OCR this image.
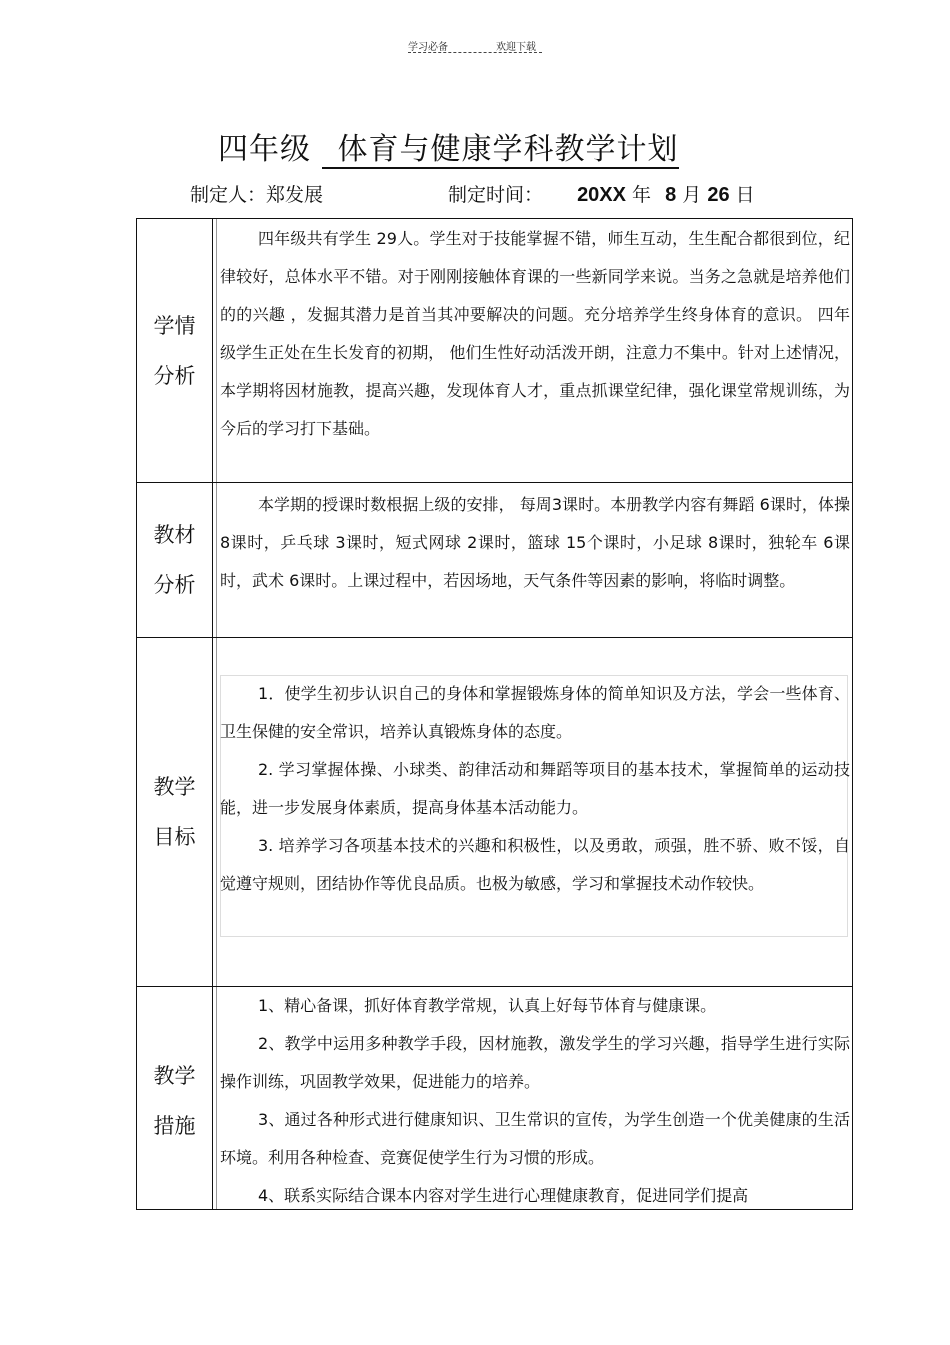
学习必备	欢迎下载
四年级 体育与健康学科教学计划
制定人：郑发展	制定时间： 20XX 年 8 月 26 日
学情
分析

四年级共有学生 29人。学生对于技能掌握不错，师生互动，生生配合都很到位，纪律较好，总体水平不错。对于刚刚接触体育课的一些新同学来说。当务之急就是培养他们的的兴趣 ，发掘其潜力是首当其冲要解决的问题。充分培养学生终身体育的意识。 四年级学生正处在生长发育的初期， 他们生性好动活泼开朗，注意力不集中。针对上述情况，本学期将因材施教，提高兴趣，发现体育人才，重点抓课堂纪律，强化课堂常规训练，为今后的学习打下基础。

教材
分析

本学期的授课时数根据上级的安排， 每周3课时。本册教学内容有舞蹈 6课时，体操 8课时，乒乓球 3课时，短式网球 2课时，篮球 15个课时，小足球 8课时，独轮车 6课时，武术 6课时。上课过程中，若因场地，天气条件等因素的影响，将临时调整。

教学
目标

1．使学生初步认识自己的身体和掌握锻炼身体的简单知识及方法，学会一些体育、卫生保健的安全常识，培养认真锻炼身体的态度。

2. 学习掌握体操、小球类、韵律活动和舞蹈等项目的基本技术，掌握简单的运动技能，进一步发展身体素质，提高身体基本活动能力。

3. 培养学习各项基本技术的兴趣和积极性，以及勇敢，顽强，胜不骄、败不馁，自觉遵守规则，团结协作等优良品质。也极为敏感，学习和掌握技术动作较快。

教学
措施

1、精心备课，抓好体育教学常规，认真上好每节体育与健康课。

2、教学中运用多种教学手段，因材施教，激发学生的学习兴趣，指导学生进行实际操作训练，巩固教学效果，促进能力的培养。

3、通过各种形式进行健康知识、卫生常识的宣传，为学生创造一个优美健康的生活环境。利用各种检查、竞赛促使学生行为习惯的形成。

4、联系实际结合课本内容对学生进行心理健康教育，促进同学们提高
